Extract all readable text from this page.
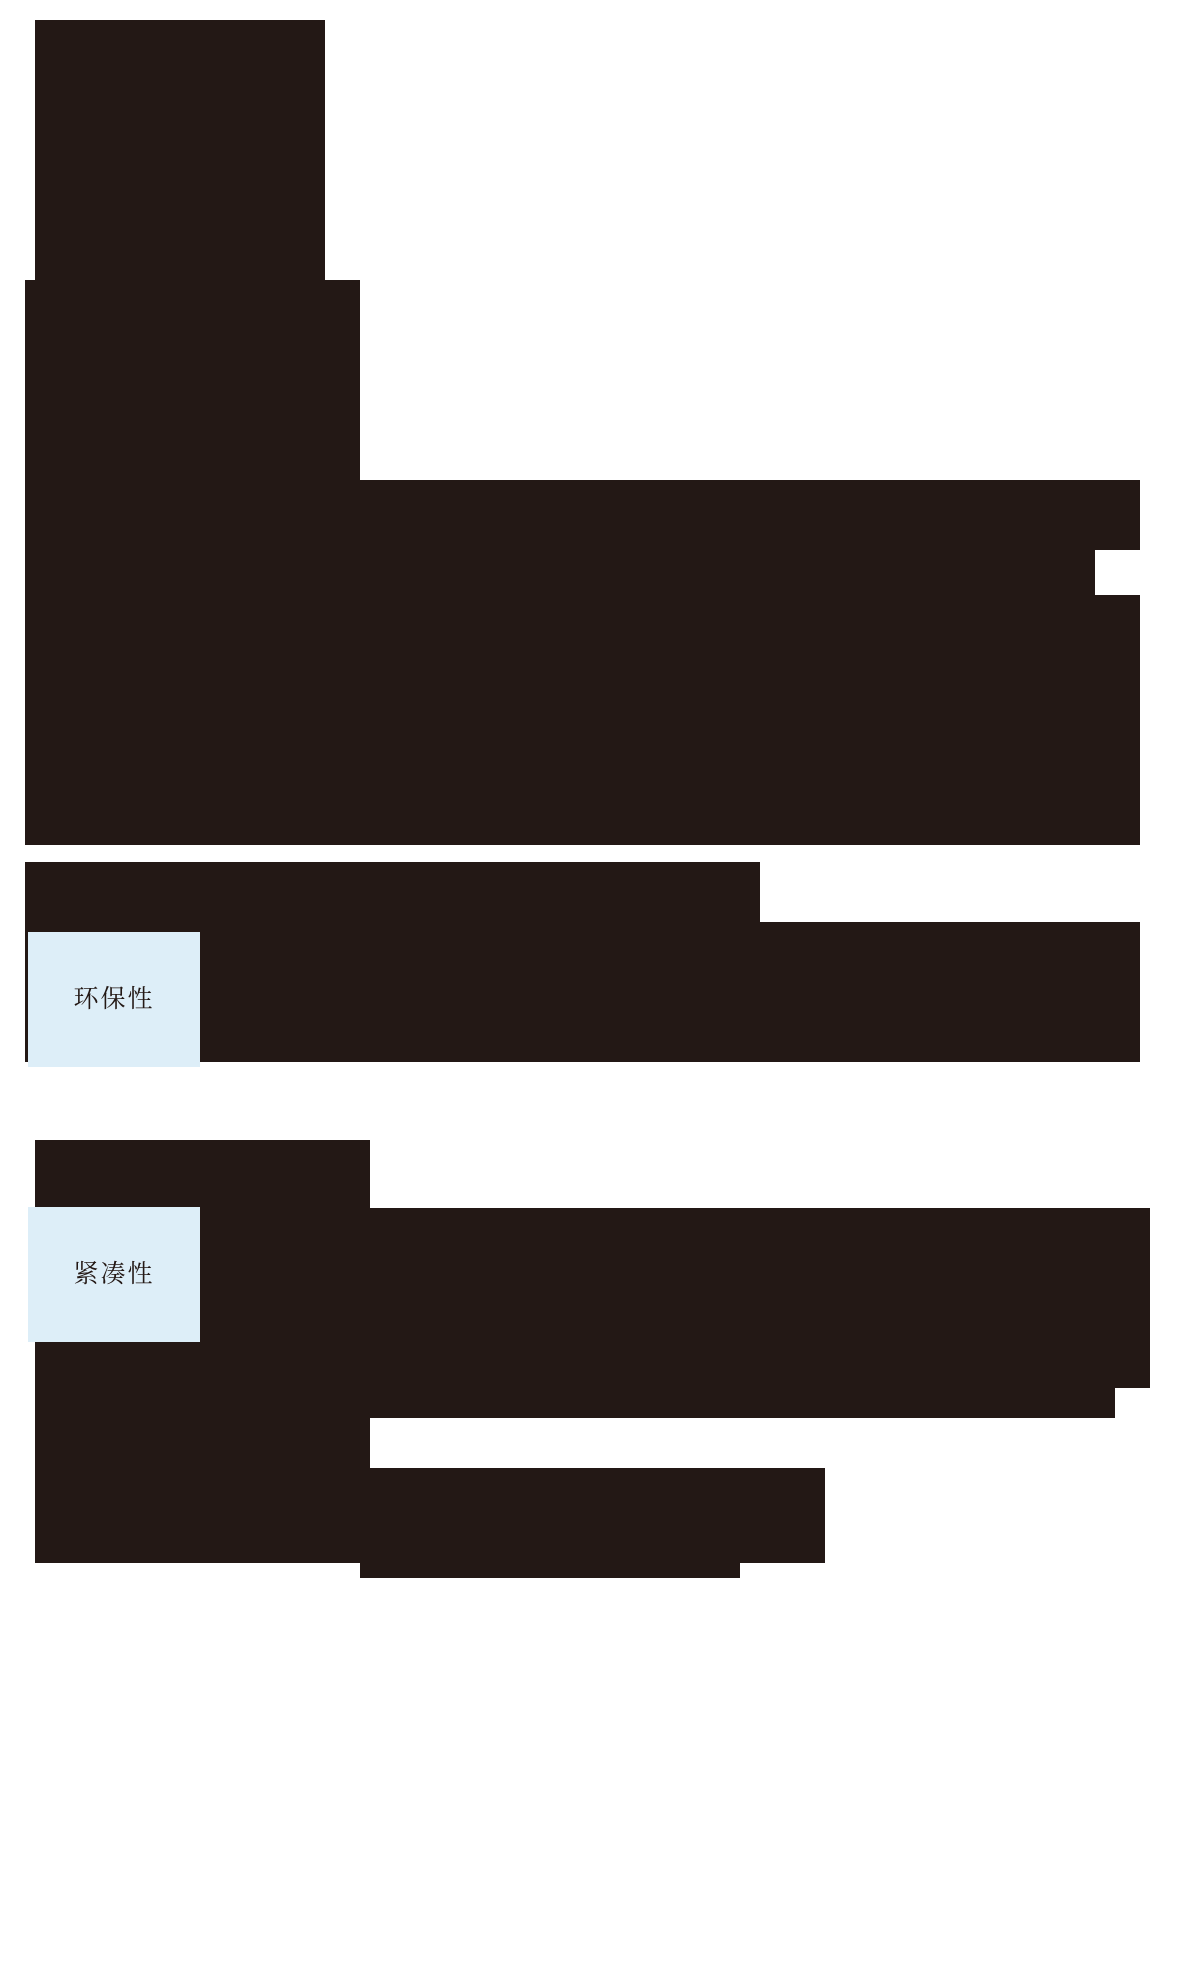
环保性
紧凑性
